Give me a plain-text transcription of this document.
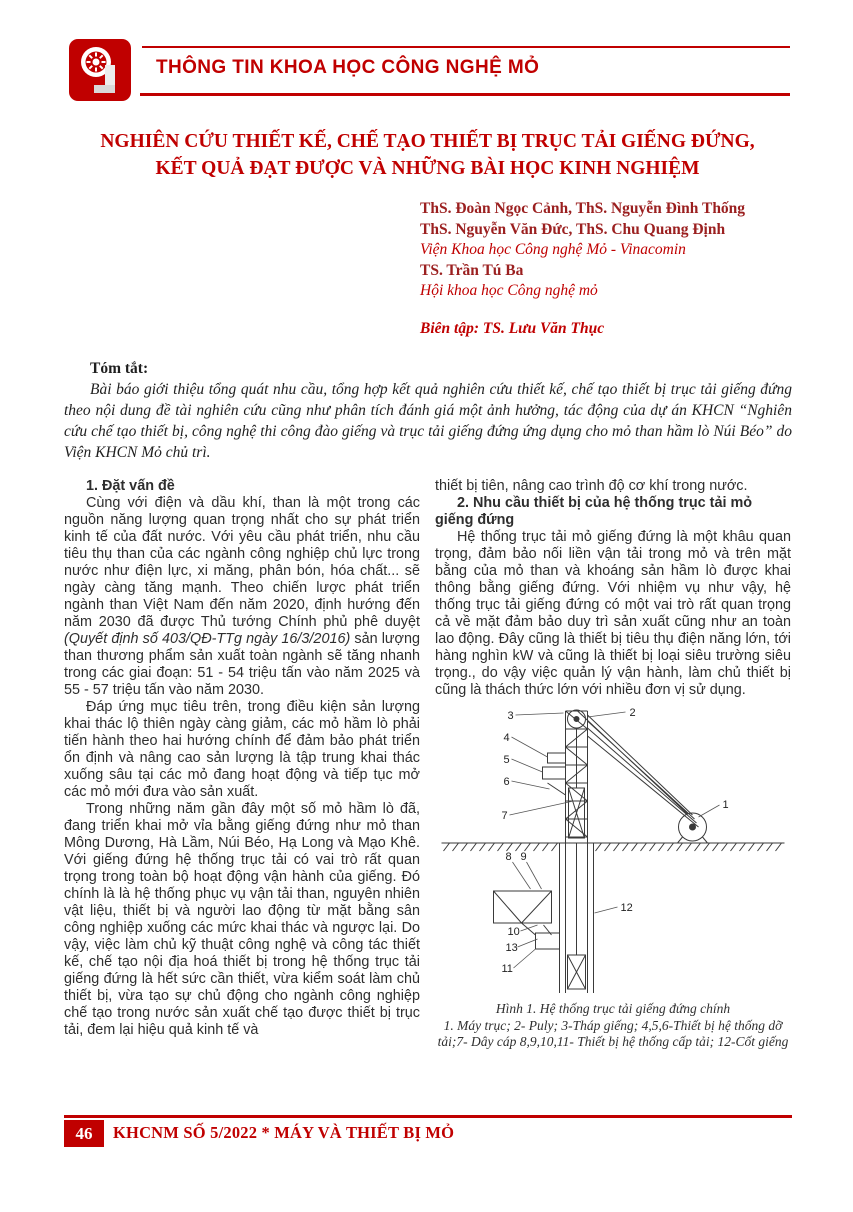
THÔNG TIN KHOA HỌC CÔNG NGHỆ MỎ
NGHIÊN CỨU THIẾT KẾ, CHẾ TẠO THIẾT BỊ TRỤC TẢI GIẾNG ĐỨNG,
KẾT QUẢ ĐẠT ĐƯỢC VÀ NHỮNG BÀI HỌC KINH NGHIỆM
ThS. Đoàn Ngọc Cảnh, ThS. Nguyễn Đình Thống
ThS. Nguyễn Văn Đức, ThS. Chu Quang Định
Viện Khoa học Công nghệ Mỏ - Vinacomin
TS. Trần Tú Ba
Hội khoa học Công nghệ mỏ
Biên tập: TS. Lưu Văn Thục
Tóm tắt:

Bài báo giới thiệu tổng quát nhu cầu, tổng hợp kết quả nghiên cứu thiết kế, chế tạo thiết bị trục tải giếng đứng theo nội dung đề tài nghiên cứu cũng như phân tích đánh giá một ảnh hưởng, tác động của dự án KHCN “Nghiên cứu chế tạo thiết bị, công nghệ thi công đào giếng và trục tải giếng đứng ứng dụng cho mỏ than hầm lò Núi Béo” do Viện KHCN Mỏ chủ trì.

1. Đặt vấn đề

Cùng với điện và dầu khí, than là một trong các nguồn năng lượng quan trọng nhất cho sự phát triển kinh tế của đất nước. Với yêu cầu phát triển, nhu cầu tiêu thụ than của các ngành công nghiệp chủ lực trong nước như điện lực, xi măng, phân bón, hóa chất... sẽ ngày càng tăng mạnh. Theo chiến lược phát triển ngành than Việt Nam đến năm 2020, định hướng đến năm 2030 đã được Thủ tướng Chính phủ phê duyệt (Quyết định số 403/QĐ-TTg ngày 16/3/2016) sản lượng than thương phẩm sản xuất toàn ngành sẽ tăng nhanh trong các giai đoạn: 51 - 54 triệu tấn vào năm 2025 và 55 - 57 triệu tấn vào năm 2030.

Đáp ứng mục tiêu trên, trong điều kiện sản lượng khai thác lộ thiên ngày càng giảm, các mỏ hầm lò phải tiến hành theo hai hướng chính để đảm bảo phát triển ổn định và nâng cao sản lượng là tập trung khai thác xuống sâu tại các mỏ đang hoạt động và tiếp tục mở các mỏ mới đưa vào sản xuất.

Trong những năm gần đây một số mỏ hầm lò đã, đang triển khai mở vỉa bằng giếng đứng như mỏ than Mông Dương, Hà Lầm, Núi Béo, Hạ Long và Mạo Khê. Với giếng đứng hệ thống trục tải có vai trò rất quan trọng trong toàn bộ hoạt động vận hành của giếng. Đó chính là là hệ thống phục vụ vận tải than, nguyên nhiên vật liệu, thiết bị và người lao động từ mặt bằng sân công nghiệp xuống các mức khai thác và ngược lại. Do vậy, việc làm chủ kỹ thuật công nghệ và công tác thiết kế, chế tạo nội địa hoá thiết bị trong hệ thống trục tải giếng đứng là hết sức cần thiết, vừa kiểm soát làm chủ thiết bị, vừa tạo sự chủ động cho ngành công nghiệp chế tạo trong nước sản xuất chế tạo được thiết bị trục tải, đem lại hiệu quả kinh tế và

thiết bị tiên, nâng cao trình độ cơ khí trong nước.

2. Nhu cầu thiết bị của hệ thống trục tải mỏ giếng đứng

Hệ thống trục tải mỏ giếng đứng là một khâu quan trọng, đảm bảo nối liền vận tải trong mỏ và trên mặt bằng của mỏ than và khoáng sản hầm lò được khai thông bằng giếng đứng. Với nhiệm vụ như vậy, hệ thống trục tải giếng đứng có một vai trò rất quan trọng cả về mặt đảm bảo duy trì sản xuất cũng như an toàn lao động. Đây cũng là thiết bị tiêu thụ điện năng lớn, tới hàng nghìn kW và cũng là thiết bị loại siêu trường siêu trọng., do vậy việc quản lý vận hành, làm chủ thiết bị cũng là thách thức lớn với nhiều đơn vị sử dụng.

3	2
4
5
6
7
1
8 9
12
10
13
11
Hình 1. Hệ thống trục tải giếng đứng chính
1. Máy trục; 2- Puly; 3-Tháp giếng; 4,5,6-Thiết bị hệ thống dỡ tải;7- Dây cáp 8,9,10,11- Thiết bị hệ thống cấp tải; 12-Cốt giếng
46	KHCNM SỐ 5/2022 * MÁY VÀ THIẾT BỊ MỎ
